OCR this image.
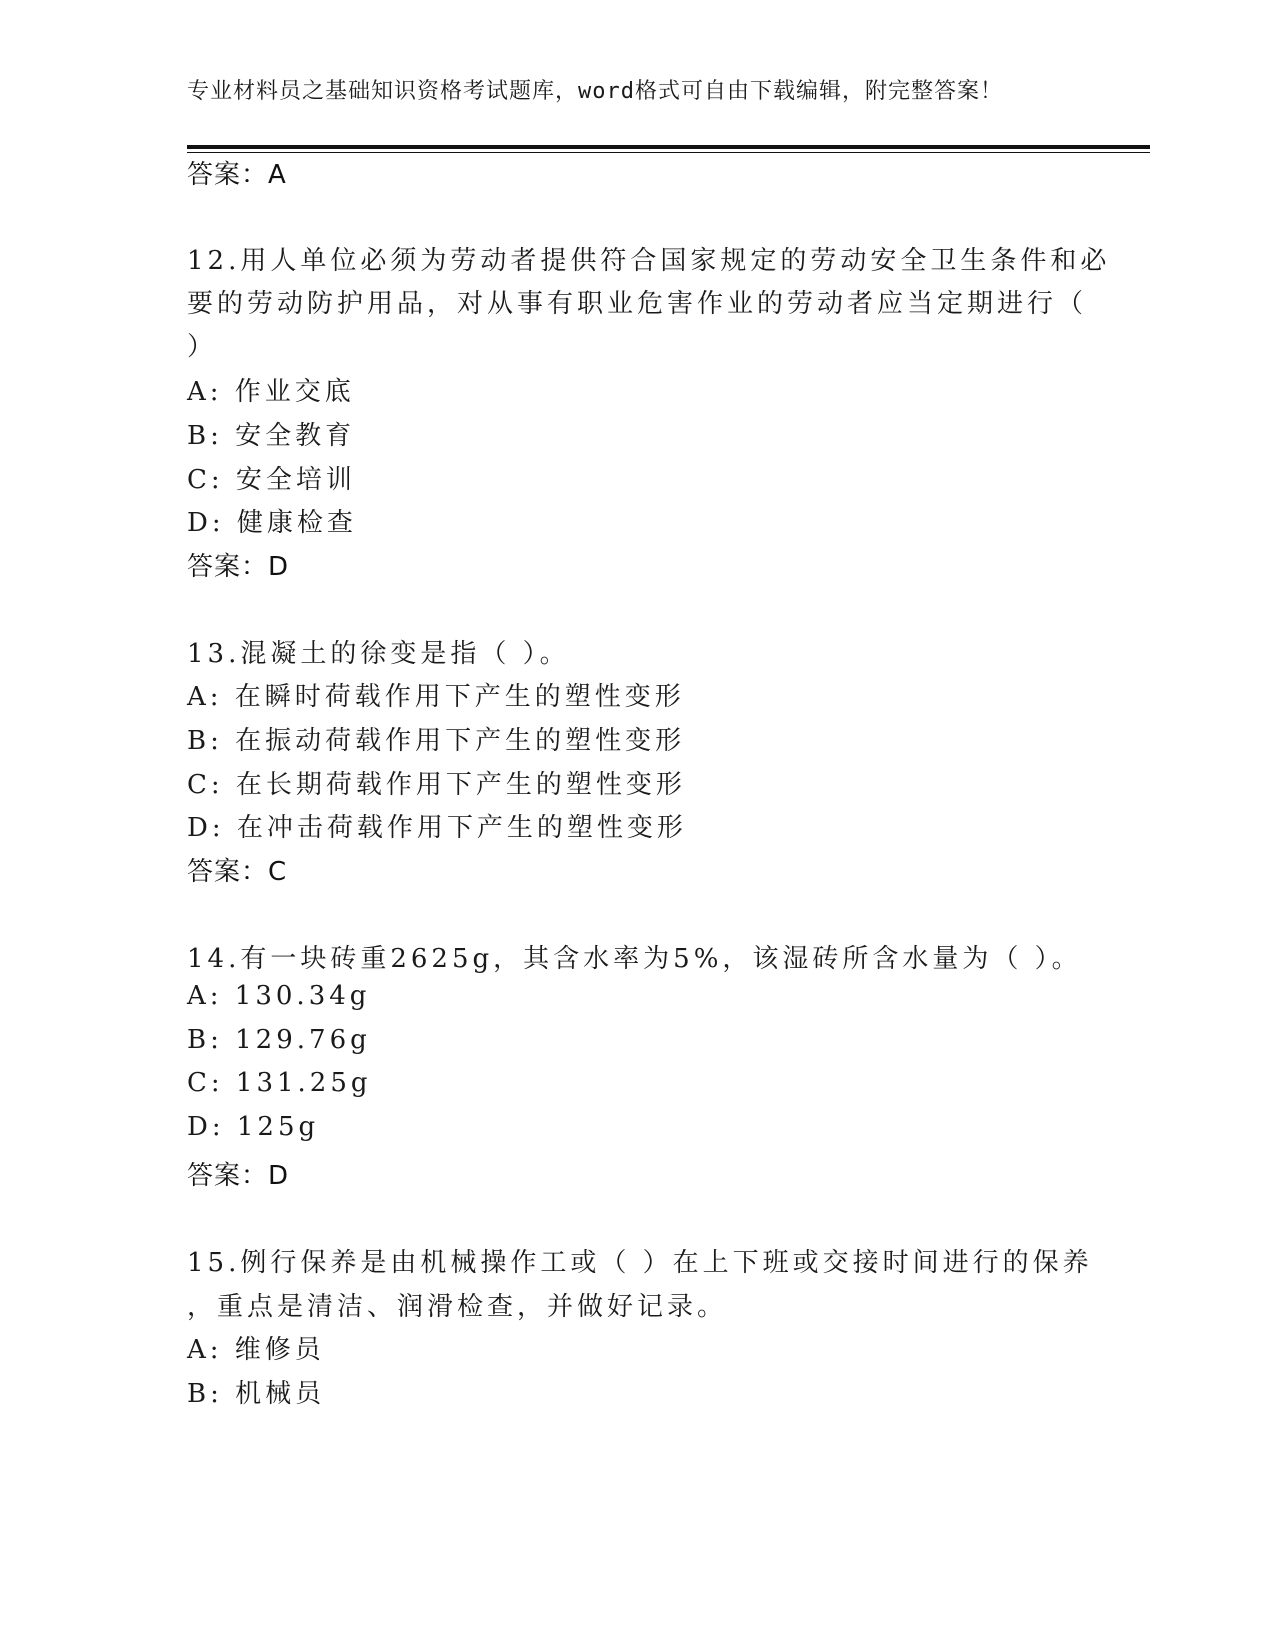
专业材料员之基础知识资格考试题库，word格式可自由下载编辑，附完整答案！
答案：A
12.用人单位必须为劳动者提供符合国家规定的劳动安全卫生条件和必
要的劳动防护用品，对从事有职业危害作业的劳动者应当定期进行（
）
A: 作业交底
B: 安全教育
C: 安全培训
D: 健康检查
答案：D
13.混凝土的徐变是指（ ）。
A: 在瞬时荷载作用下产生的塑性变形
B: 在振动荷载作用下产生的塑性变形
C: 在长期荷载作用下产生的塑性变形
D: 在冲击荷载作用下产生的塑性变形
答案：C
14.有一块砖重2625g，其含水率为5%，该湿砖所含水量为（ ）。
A: 130.34g
B: 129.76g
C: 131.25g
D: 125g
答案：D
15.例行保养是由机械操作工或（ ）在上下班或交接时间进行的保养
，重点是清洁、润滑检查，并做好记录。
A: 维修员
B: 机械员
